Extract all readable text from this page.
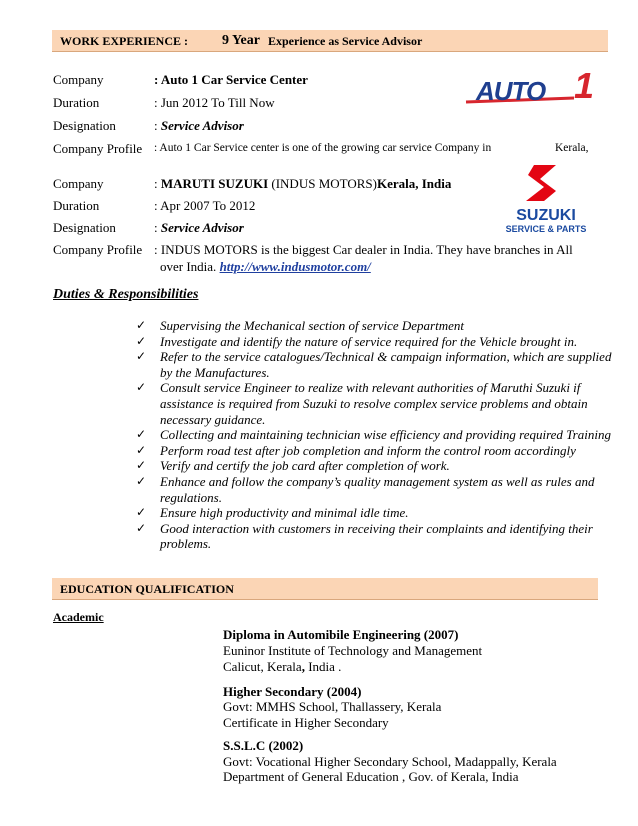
WORK EXPERIENCE : 9 Year Experience as Service Advisor
Company	: Auto 1 Car Service Center
Duration	: Jun 2012 To Till Now
Designation	: Service Advisor
Company Profile : Auto 1 Car Service center is one of the growing car service Company in	Kerala,
AUTO 1
Company	: MARUTI SUZUKI (INDUS MOTORS)Kerala, India
Duration	: Apr 2007 To 2012
Designation	: Service Advisor
Company Profile : INDUS MOTORS is the biggest Car dealer in India. They have branches in All
over India. http://www.indusmotor.com/
SUZUKI
SERVICE & PARTS
Duties & Responsibilities
✓ Supervising the Mechanical section of service Department
✓ Investigate and identify the nature of service required for the Vehicle brought in.
✓ Refer to the service catalogues/Technical & campaign information, which are supplied by the Manufactures.
✓ Consult service Engineer to realize with relevant authorities of Maruthi Suzuki if assistance is required from Suzuki to resolve complex service problems and obtain necessary guidance.
✓ Collecting and maintaining technician wise efficiency and providing required Training
✓ Perform road test after job completion and inform the control room accordingly
✓ Verify and certify the job card after completion of work.
✓ Enhance and follow the company’s quality management system as well as rules and regulations.
✓ Ensure high productivity and minimal idle time.
✓ Good interaction with customers in receiving their complaints and identifying their problems.
EDUCATION QUALIFICATION
Academic
Diploma in Automibile Engineering (2007)
Euninor Institute of Technology and Management
Calicut, Kerala, India .
Higher Secondary (2004)
Govt: MMHS School, Thallassery, Kerala
Certificate in Higher Secondary
S.S.L.C (2002)
Govt: Vocational Higher Secondary School, Madappally, Kerala
Department of General Education , Gov. of Kerala, India
